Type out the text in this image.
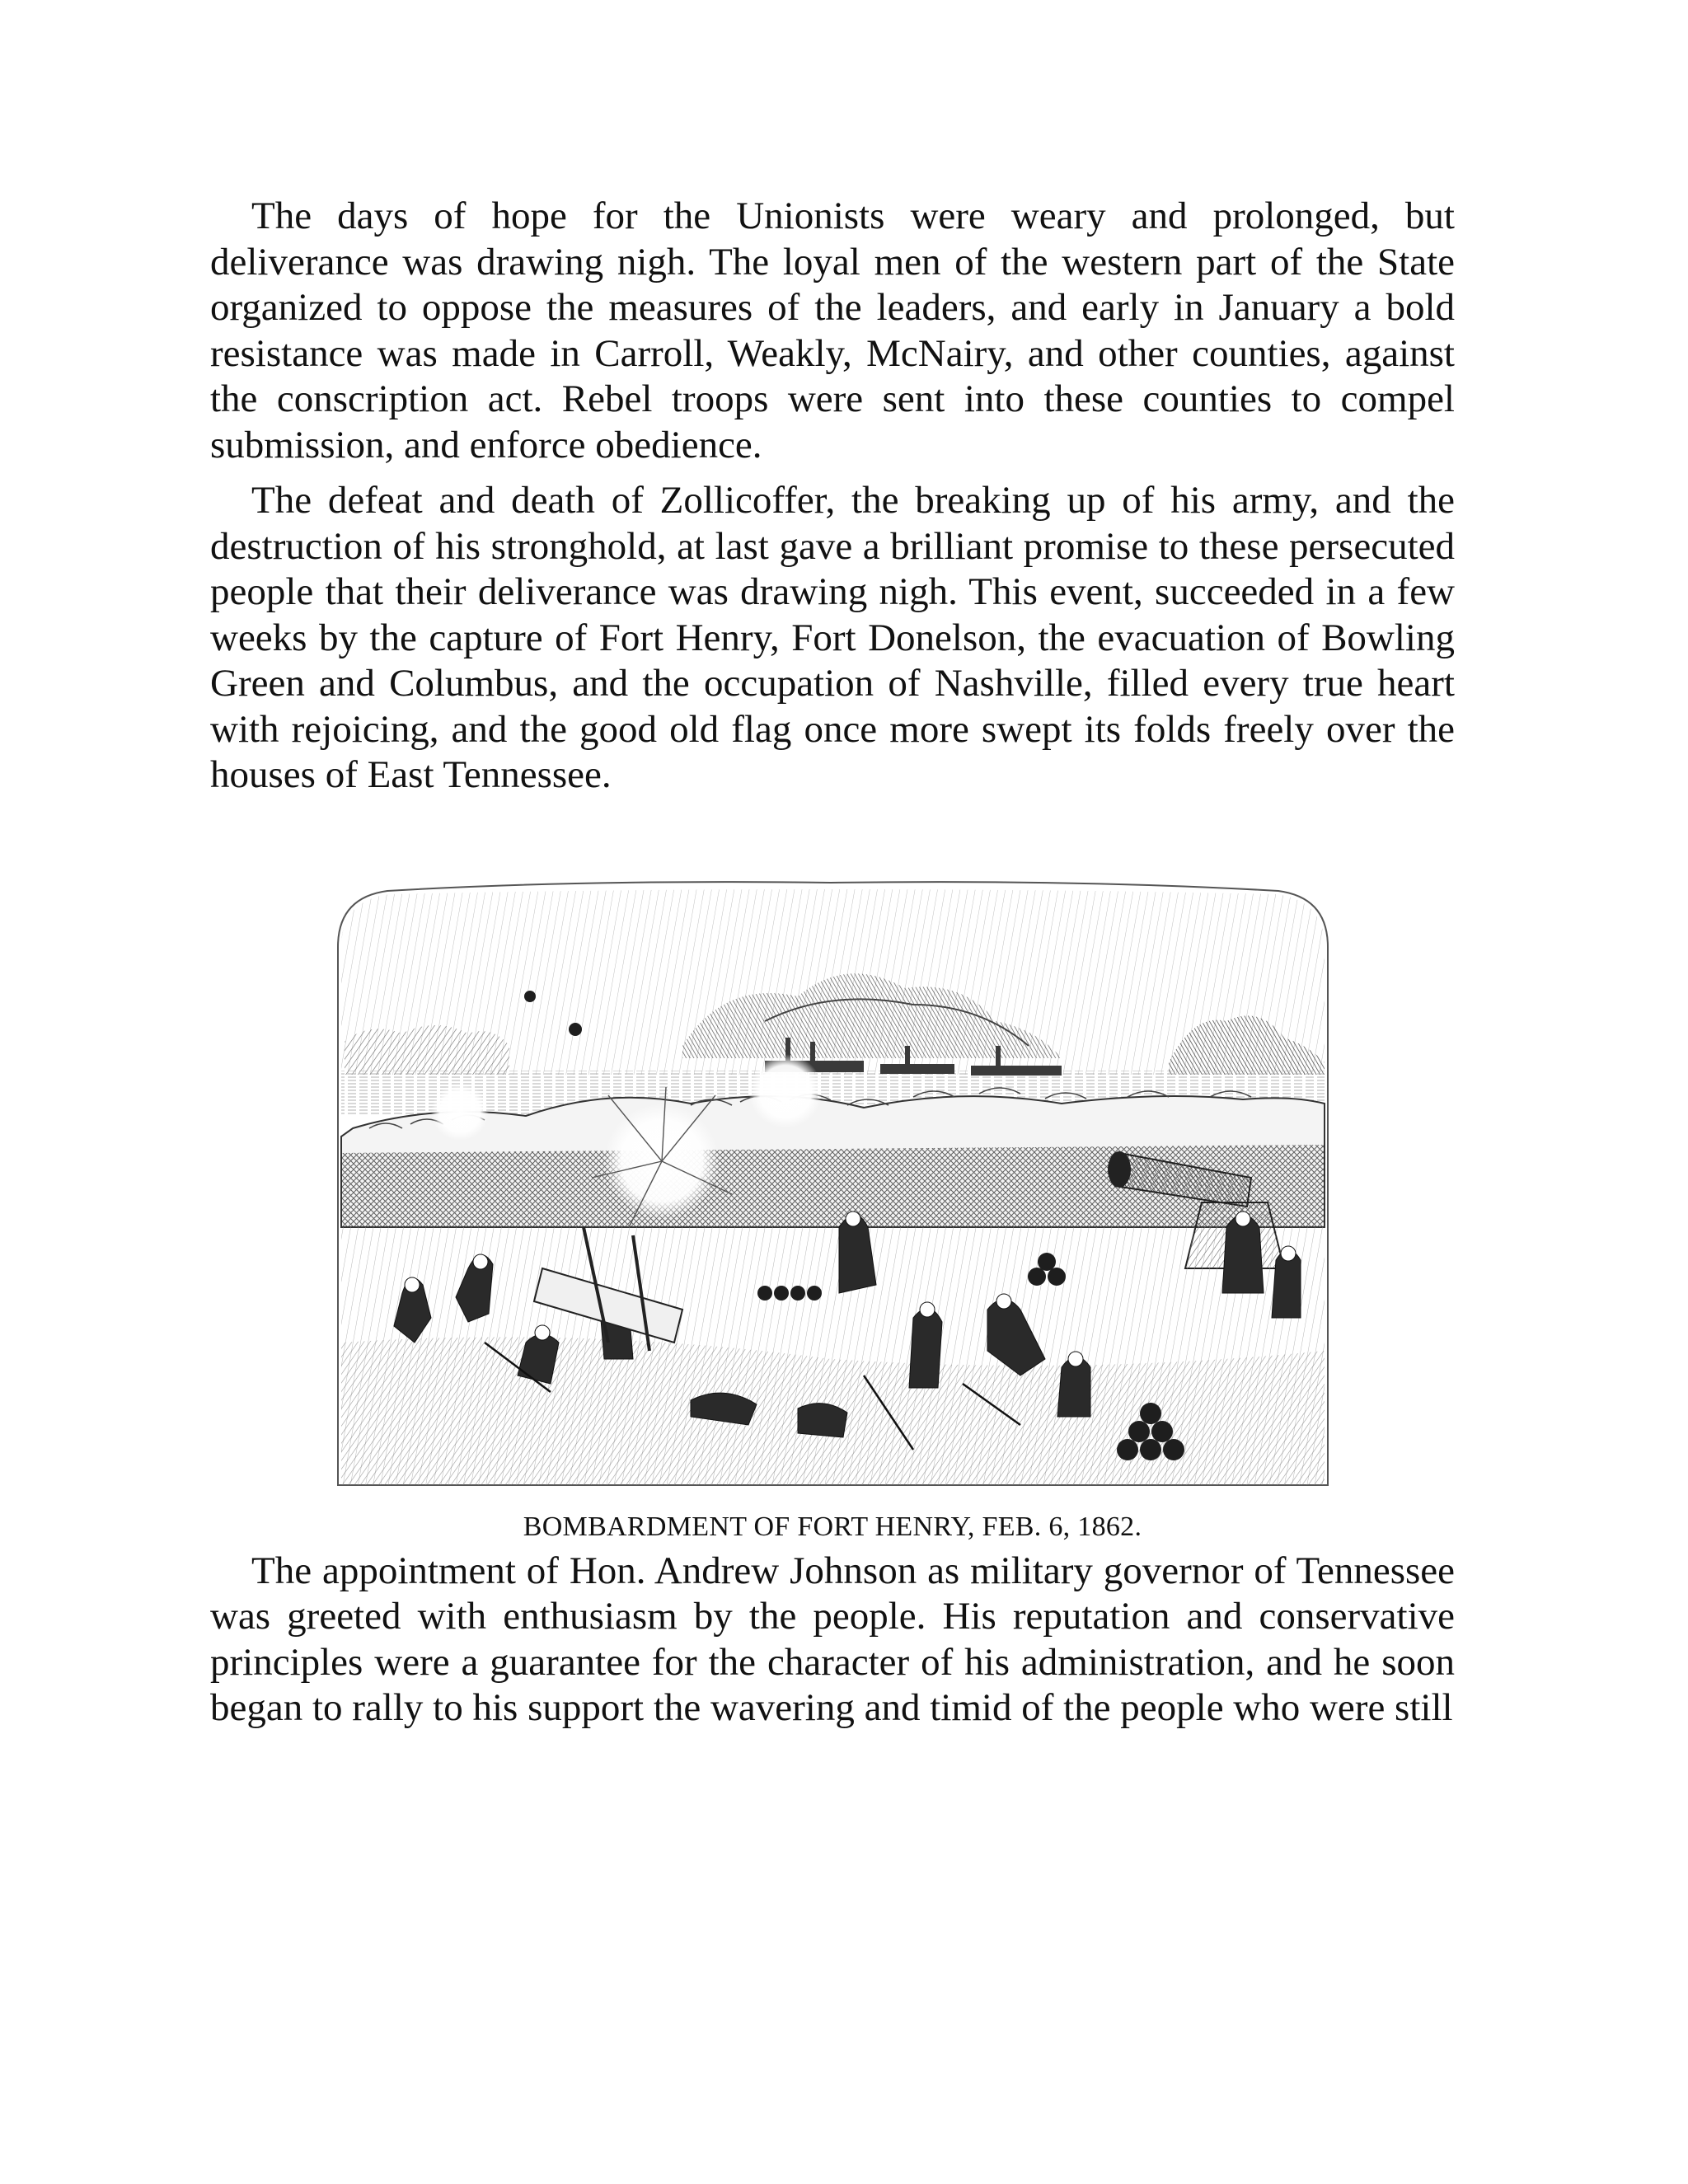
The days of hope for the Unionists were weary and prolonged, but deliverance was drawing nigh. The loyal men of the western part of the State organized to oppose the measures of the leaders, and early in January a bold resistance was made in Carroll, Weakly, McNairy, and other counties, against the conscription act. Rebel troops were sent into these counties to compel submission, and enforce obedience.

The defeat and death of Zollicoffer, the breaking up of his army, and the destruction of his stronghold, at last gave a brilliant promise to these persecuted people that their deliverance was drawing nigh. This event, succeeded in a few weeks by the capture of Fort Henry, Fort Donelson, the evacuation of Bowling Green and Columbus, and the occupation of Nashville, filled every true heart with rejoicing, and the good old flag once more swept its folds freely over the houses of East Tennessee.

BOMBARDMENT OF FORT HENRY, FEB. 6, 1862.

The appointment of Hon. Andrew Johnson as military governor of Tennessee was greeted with enthusiasm by the people. His reputation and conservative principles were a guarantee for the character of his administration, and he soon began to rally to his support the wavering and timid of the people who were still
